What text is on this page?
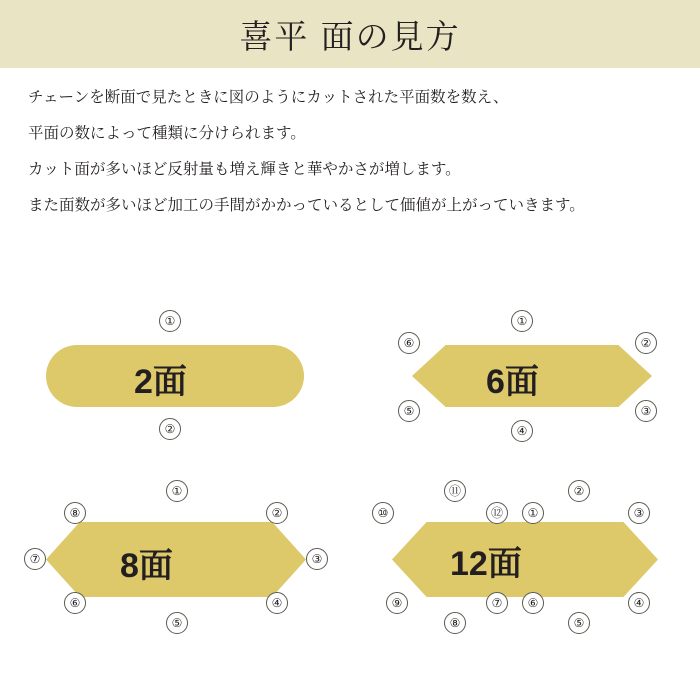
喜平 面の見方
チェーンを断面で見たときに図のようにカットされた平面数を数え、
平面の数によって種類に分けられます。
カット面が多いほど反射量も増え輝きと華やかさが増します。
また面数が多いほど加工の手間がかかっているとして価値が上がっていきます。
2面
①
②
6面
①
②
③
④
⑤
⑥
8面
①
②
③
④
⑤
⑥
⑦
⑧
12面
①
②
③
④
⑤
⑥
⑦
⑧
⑨
⑩
⑪
⑫
